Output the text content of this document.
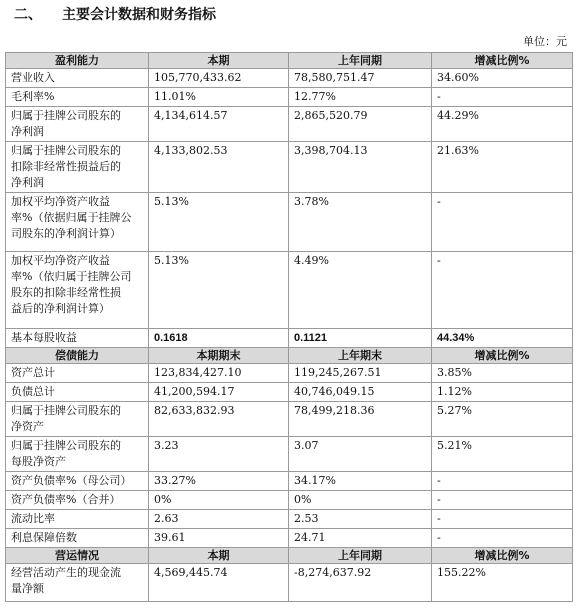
二、 主要会计数据和财务指标
单位：元
盈利能力	本期	上年同期	增减比例%
营业收入	105,770,433.62	78,580,751.47	34.60%
毛利率%	11.01%	12.77%	-
归属于挂牌公司股东的
净利润	4,134,614.57	2,865,520.79	44.29%
归属于挂牌公司股东的
扣除非经常性损益后的
净利润	4,133,802.53	3,398,704.13	21.63%
加权平均净资产收益
率%（依据归属于挂牌公
司股东的净利润计算）	5.13%	3.78%	-
加权平均净资产收益
率%（依归属于挂牌公司
股东的扣除非经常性损
益后的净利润计算）	5.13%	4.49%	-
基本每股收益	0.1618	0.1121	44.34%
偿债能力	本期期末	上年期末	增减比例%
资产总计	123,834,427.10	119,245,267.51	3.85%
负债总计	41,200,594.17	40,746,049.15	1.12%
归属于挂牌公司股东的
净资产	82,633,832.93	78,499,218.36	5.27%
归属于挂牌公司股东的
每股净资产	3.23	3.07	5.21%
资产负债率%（母公司）	33.27%	34.17%	-
资产负债率%（合并）	0%	0%	-
流动比率	2.63	2.53	-
利息保障倍数	39.61	24.71	-
营运情况	本期	上年同期	增减比例%
经营活动产生的现金流
量净额	4,569,445.74	-8,274,637.92	155.22%
